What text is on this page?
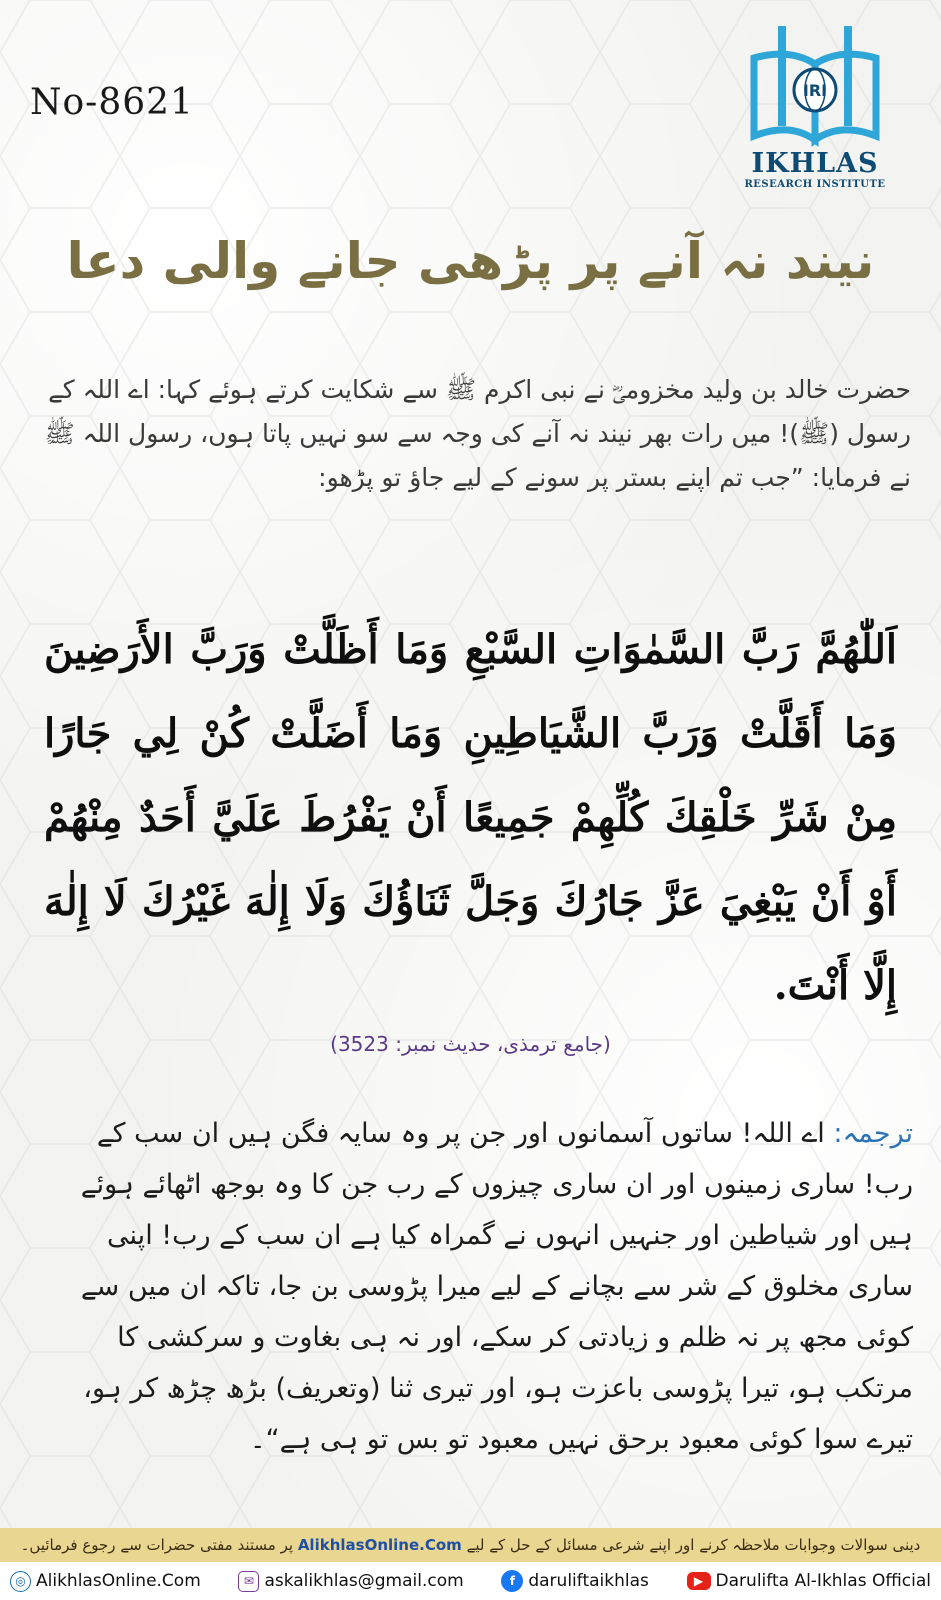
No-8621	IRI
IKHLAS
RESEARCH INSTITUTE
نیند نہ آنے پر پڑھی جانے والی دعا
حضرت خالد بن ولید مخزومیؓ نے نبی اکرم ﷺ سے شکایت کرتے ہوئے کہا: اے اللہ کے رسول (ﷺ)! میں رات بھر نیند نہ آنے کی وجہ سے سو نہیں پاتا ہوں، رسول اللہ ﷺ نے فرمایا: ”جب تم اپنے بستر پر سونے کے لیے جاؤ تو پڑھو:
اَللّٰهُمَّ رَبَّ السَّمٰوَاتِ السَّبْعِ وَمَا أَظَلَّتْ وَرَبَّ الأَرَضِينَ وَمَا أَقَلَّتْ وَرَبَّ الشَّيَاطِينِ وَمَا أَضَلَّتْ كُنْ لِي جَارًا مِنْ شَرِّ خَلْقِكَ كُلِّهِمْ جَمِيعًا أَنْ يَفْرُطَ عَلَيَّ أَحَدٌ مِنْهُمْ أَوْ أَنْ يَبْغِيَ عَزَّ جَارُكَ وَجَلَّ ثَنَاؤُكَ وَلَا إِلٰهَ غَيْرُكَ لَا إِلٰهَ إِلَّا أَنْتَ.
(جامع ترمذی، حدیث نمبر: 3523)
ترجمہ: اے اللہ! ساتوں آسمانوں اور جن پر وہ سایہ فگن ہیں ان سب کے رب! ساری زمینوں اور ان ساری چیزوں کے رب جن کا وہ بوجھ اٹھائے ہوئے ہیں اور شیاطین اور جنہیں انہوں نے گمراہ کیا ہے ان سب کے رب! اپنی ساری مخلوق کے شر سے بچانے کے لیے میرا پڑوسی بن جا، تاکہ ان میں سے کوئی مجھ پر نہ ظلم و زیادتی کر سکے، اور نہ ہی بغاوت و سرکشی کا مرتکب ہو، تیرا پڑوسی باعزت ہو، اور تیری ثنا (وتعریف) بڑھ چڑھ کر ہو، تیرے سوا کوئی معبود برحق نہیں معبود تو بس تو ہی ہے“۔
دینی سوالات وجوابات ملاحظہ کرنے اور اپنے شرعی مسائل کے حل کے لیے AlikhlasOnline.Com پر مستند مفتی حضرات سے رجوع فرمائیں۔
◎ AlikhlasOnline.Com	✉ askalikhlas@gmail.com	f daruliftaikhlas	▶ Darulifta Al-Ikhlas Official
